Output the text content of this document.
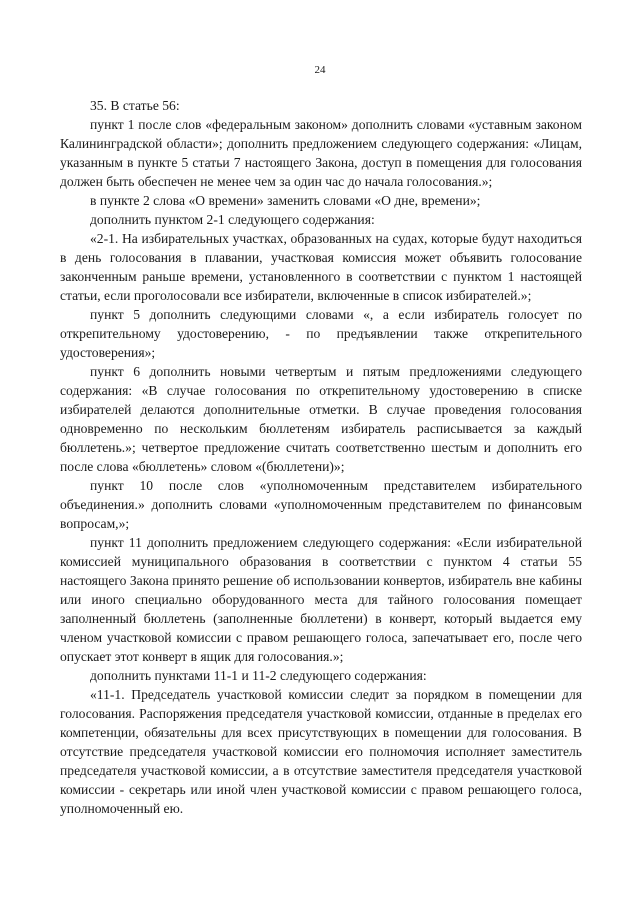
24

35. В статье 56:

пункт 1 после слов «федеральным законом» дополнить словами «уставным законом Калининградской области»; дополнить предложением следующего содержания: «Лицам, указанным в пункте 5 статьи 7 настоящего Закона, доступ в помещения для голосования должен быть обеспечен не менее чем за один час до начала голосования.»;

в пункте 2 слова «О времени» заменить словами «О дне, времени»;

дополнить пунктом 2-1 следующего содержания:

«2-1. На избирательных участках, образованных на судах, которые будут находиться в день голосования в плавании, участковая комиссия может объявить голосование законченным раньше времени, установленного в соответствии с пунктом 1 настоящей статьи, если проголосовали все избиратели, включенные в список избирателей.»;

пункт 5 дополнить следующими словами «, а если избиратель голосует по открепительному удостоверению, - по предъявлении также открепительного удостоверения»;

пункт 6 дополнить новыми четвертым и пятым предложениями следующего содержания: «В случае голосования по открепительному удостоверению в списке избирателей делаются дополнительные отметки. В случае проведения голосования одновременно по нескольким бюллетеням избиратель расписывается за каждый бюллетень.»; четвертое предложение считать соответственно шестым и дополнить его после слова «бюллетень» словом «(бюллетени)»;

пункт 10 после слов «уполномоченным представителем избирательного объединения.» дополнить словами «уполномоченным представителем по финансовым вопросам,»;

пункт 11 дополнить предложением следующего содержания: «Если избирательной комиссией муниципального образования в соответствии с пунктом 4 статьи 55 настоящего Закона принято решение об использовании конвертов, избиратель вне кабины или иного специально оборудованного места для тайного голосования помещает заполненный бюллетень (заполненные бюллетени) в конверт, который выдается ему членом участковой комиссии с правом решающего голоса, запечатывает его, после чего опускает этот конверт в ящик для голосования.»;

дополнить пунктами 11-1 и 11-2 следующего содержания:

«11-1. Председатель участковой комиссии следит за порядком в помещении для голосования. Распоряжения председателя участковой комиссии, отданные в пределах его компетенции, обязательны для всех присутствующих в помещении для голосования. В отсутствие председателя участковой комиссии его полномочия исполняет заместитель председателя участковой комиссии, а в отсутствие заместителя председателя участковой комиссии - секретарь или иной член участковой комиссии с правом решающего голоса, уполномоченный ею.
